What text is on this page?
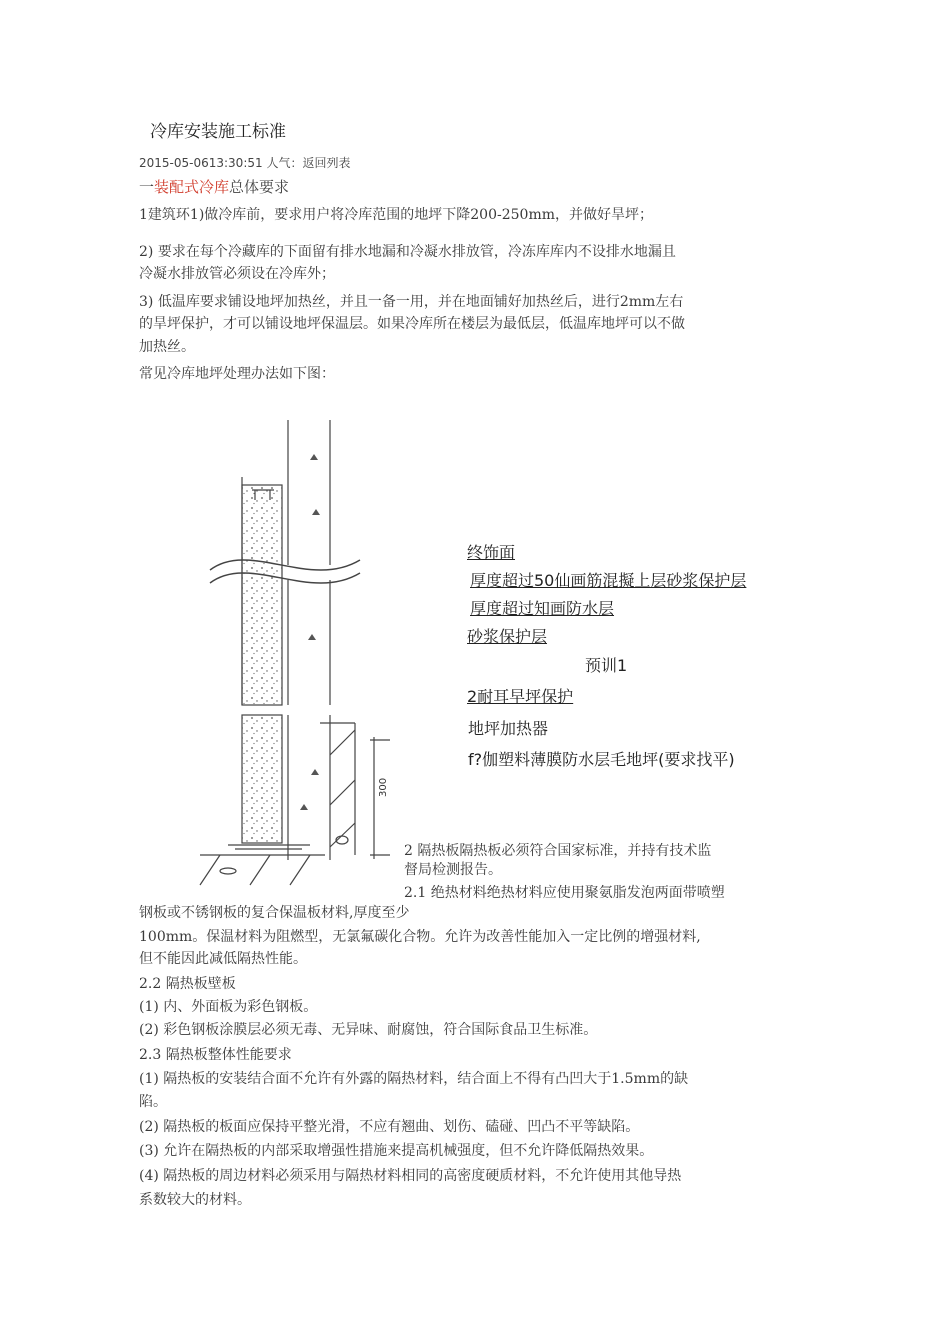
冷库安装施工标准
2015-05-0613:30:51 人气：返回列表
一装配式冷库总体要求
1建筑环1)做冷库前，要求用户将冷库范围的地坪下降200-250mm，并做好旱坪；
2) 要求在每个冷藏库的下面留有排水地漏和冷凝水排放管，冷冻库库内不设排水地漏且
冷凝水排放管必须设在冷库外；
3) 低温库要求铺设地坪加热丝，并且一备一用，并在地面铺好加热丝后，进行2mm左右
的旱坪保护，才可以铺设地坪保温层。如果冷库所在楼层为最低层，低温库地坪可以不做
加热丝。
常见冷库地坪处理办法如下图：
300
终饰面
厚度超过50仙画筋混擬上层砂浆保护层
厚度超过知画防水层
砂浆保护层
预训1
2耐耳早坪保护
地坪加热器
f?伽塑料薄膜防水层毛地坪(要求找平)
2 隔热板隔热板必须符合国家标准，并持有技术监
督局检测报告。
2.1 绝热材料绝热材料应使用聚氨脂发泡两面带喷塑
钢板或不锈钢板的复合保温板材料,厚度至少
100mm。保温材料为阻燃型，无氯氟碳化合物。允许为改善性能加入一定比例的增强材料,
但不能因此减低隔热性能。
2.2 隔热板壁板
(1) 内、外面板为彩色钢板。
(2) 彩色钢板涂膜层必须无毒、无异味、耐腐蚀，符合国际食品卫生标准。
2.3 隔热板整体性能要求
(1) 隔热板的安装结合面不允许有外露的隔热材料，结合面上不得有凸凹大于1.5mm的缺
陷。
(2) 隔热板的板面应保持平整光滑，不应有翘曲、划伤、磕碰、凹凸不平等缺陷。
(3) 允许在隔热板的内部采取增强性措施来提高机械强度，但不允许降低隔热效果。
(4) 隔热板的周边材料必须采用与隔热材料相同的高密度硬质材料，不允许使用其他导热
系数较大的材料。
